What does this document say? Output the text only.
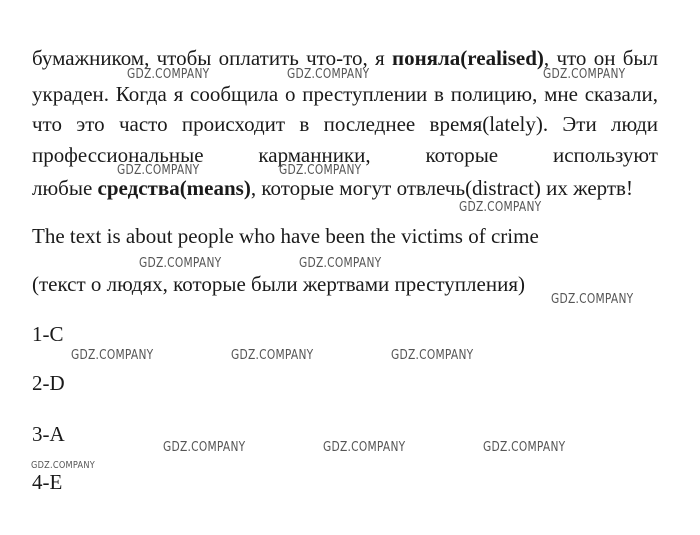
бумажником, чтобы оплатить что-то, я поняла(realised), что он был
украден. Когда я сообщила о преступлении в полицию, мне сказали,
что это часто происходит в последнее время(lately). Эти люди
профессиональные	карманники,	которые	используют
любые средства(means), которые могут отвлечь(distract) их жертв!
The text is about people who have been the victims of crime
(текст о людях, которые были жертвами преступления)
1-C
2-D
3-A
4-E
GDZ.COMPANY	GDZ.COMPANY	GDZ.COMPANY
GDZ.COMPANY	GDZ.COMPANY
GDZ.COMPANY
GDZ.COMPANY	GDZ.COMPANY
GDZ.COMPANY
GDZ.COMPANY	GDZ.COMPANY	GDZ.COMPANY
GDZ.COMPANY	GDZ.COMPANY	GDZ.COMPANY
GDZ.COMPANY
